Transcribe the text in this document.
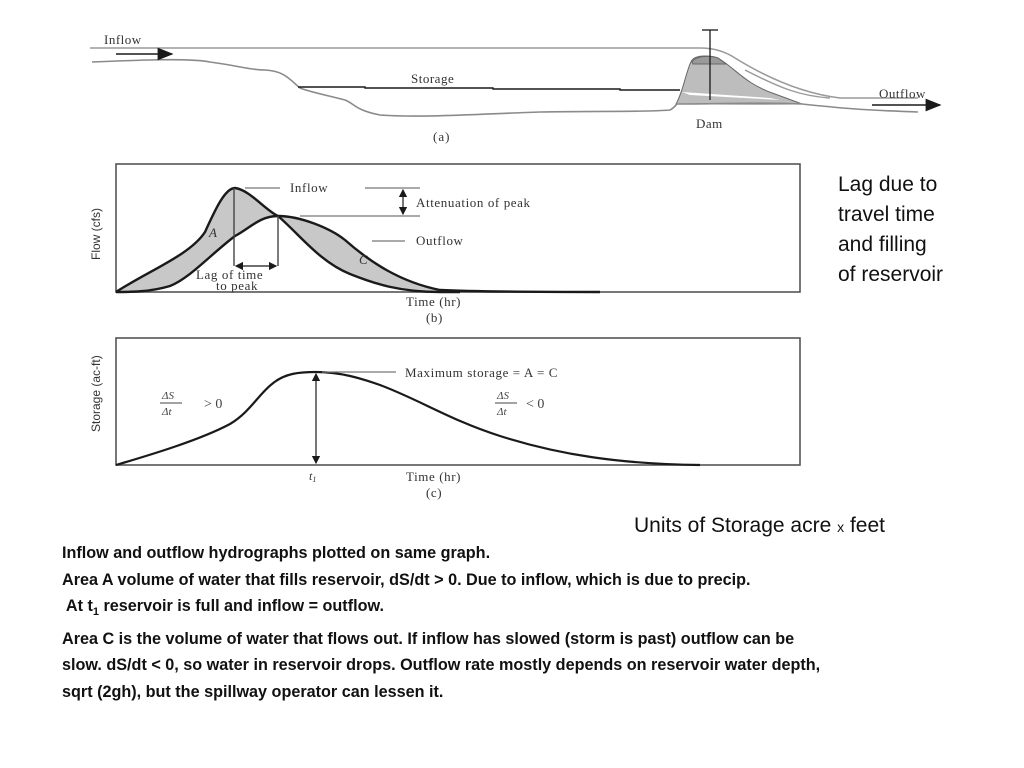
Inflow
Storage
Outflow
Dam
(a)
Inflow
Attenuation of peak
Outflow
Lag of time
to peak
A
C
Time (hr)
(b)
Flow (cfs)
Maximum storage = A = C
ΔS
Δt > 0
ΔS
Δt < 0
t1	Time (hr)
(c)
Storage (ac-ft)
Lag due to
travel time
and filling
of reservoir
Units of Storage acre x feet
Inflow and outflow hydrographs plotted on same graph.
Area A volume of water that fills reservoir, dS/dt > 0. Due to inflow, which is due to precip.
At $t_1$ reservoir is full and inflow = outflow.
Area C is the volume of water that flows out. If inflow has slowed (storm is past) outflow can be
slow. dS/dt < 0, so water in reservoir drops. Outflow rate mostly depends on reservoir water depth,
sqrt (2gh), but the spillway operator can lessen it.
